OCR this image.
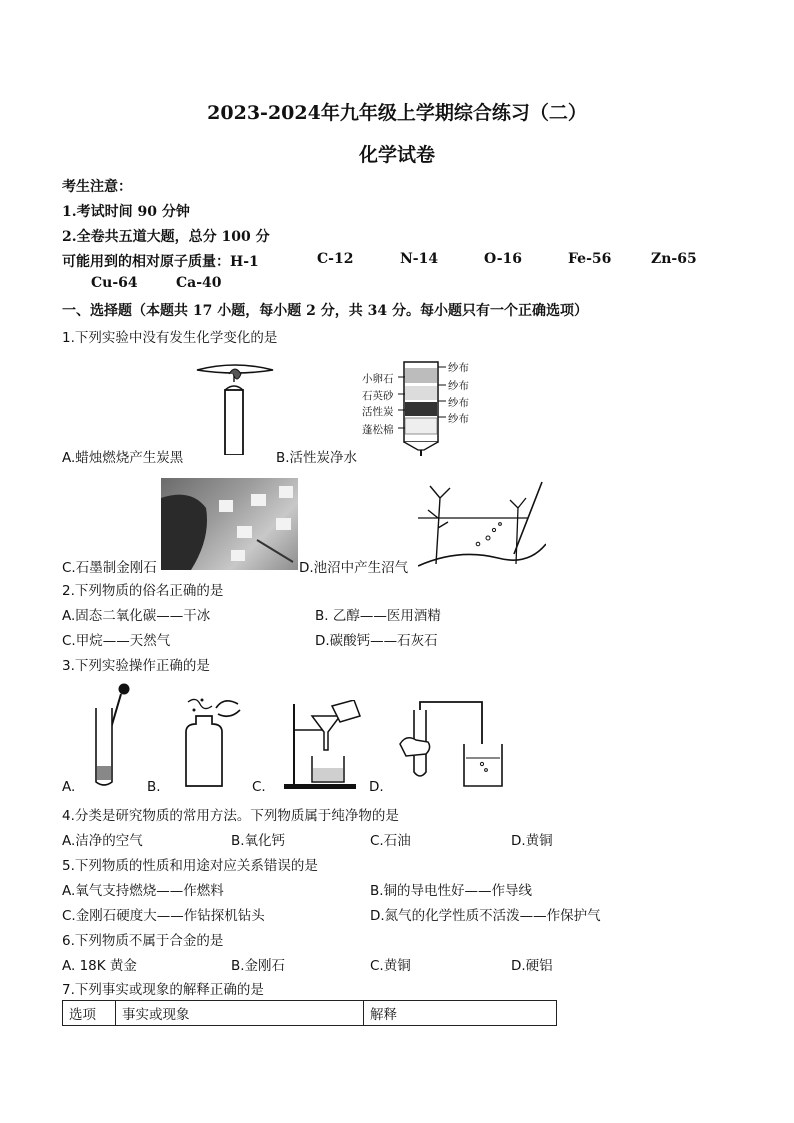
2023-2024年九年级上学期综合练习（二）
化学试卷
考生注意：
1.考试时间 90 分钟
2.全卷共五道大题，总分 100 分
可能用到的相对原子质量：H-1	C-12	N-14	O-16	Fe-56	Zn-65
Cu-64	Ca-40
一、选择题（本题共 17 小题，每小题 2 分，共 34 分。每小题只有一个正确选项）
1.下列实验中没有发生化学变化的是
小卵石
石英砂
活性炭
蓬松棉
纱布
纱布
纱布
纱布
A.蜡烛燃烧产生炭黑	B.活性炭净水
C.石墨制金刚石	D.池沼中产生沼气
2.下列物质的俗名正确的是
A.固态二氧化碳——干冰	B. 乙醇——医用酒精
C.甲烷——天然气	D.碳酸钙——石灰石
3.下列实验操作正确的是
A.	B.	C.	D.
4.分类是研究物质的常用方法。下列物质属于纯净物的是
A.洁净的空气	B.氧化钙	C.石油	D.黄铜
5.下列物质的性质和用途对应关系错误的是
A.氧气支持燃烧——作燃料	B.铜的导电性好——作导线
C.金刚石硬度大——作钻探机钻头	D.氮气的化学性质不活泼——作保护气
6.下列物质不属于合金的是
A. 18K 黄金	B.金刚石	C.黄铜	D.硬铝
7.下列事实或现象的解释正确的是
选项	事实或现象	解释
